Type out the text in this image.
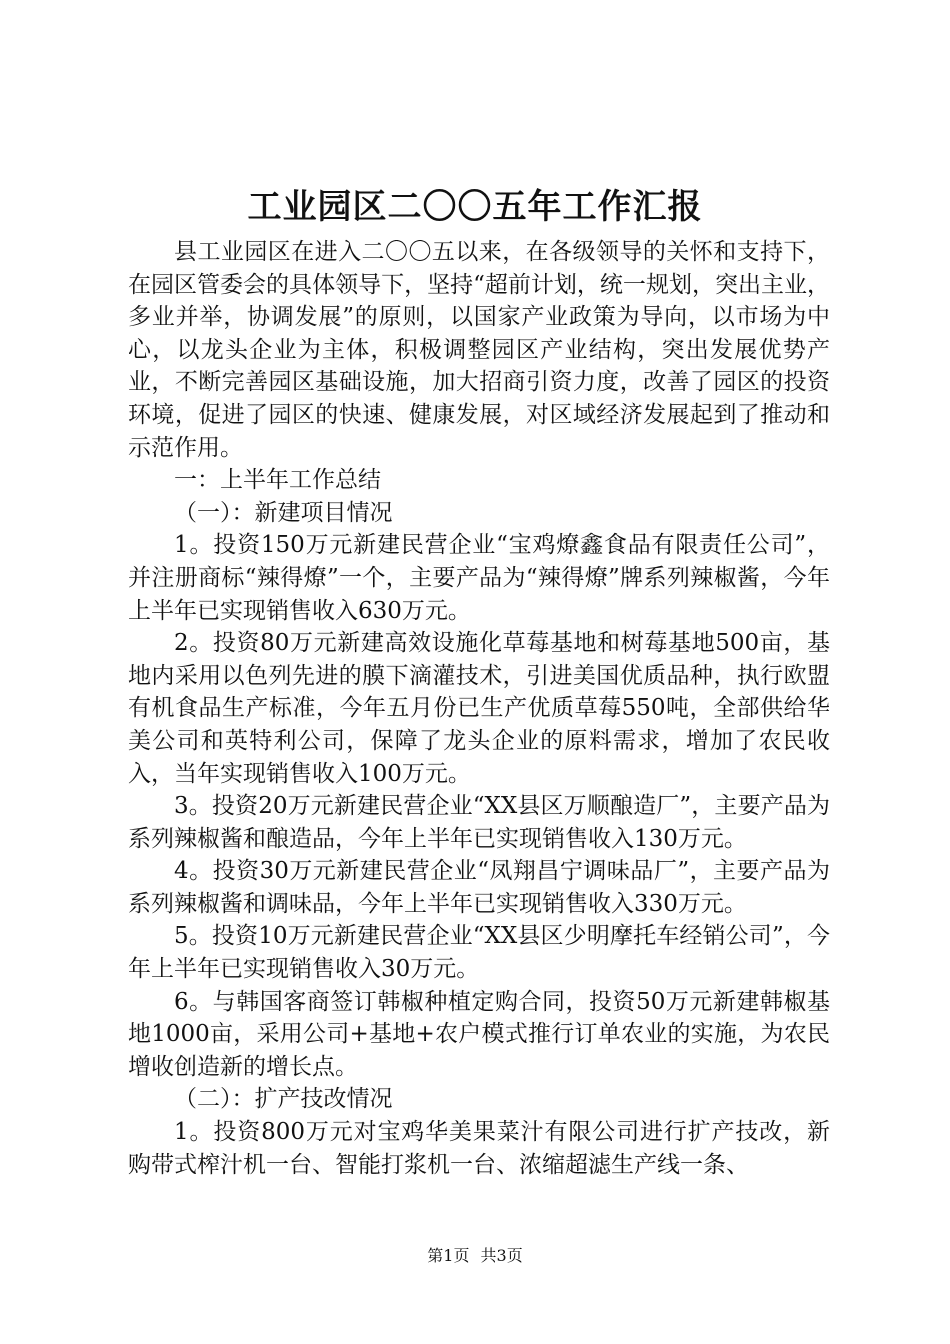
工业园区二〇〇五年工作汇报

县工业园区在进入二〇〇五以来，在各级领导的关怀和支持下，在园区管委会的具体领导下，坚持“超前计划，统一规划，突出主业，多业并举，协调发展”的原则，以国家产业政策为导向，以市场为中心，以龙头企业为主体，积极调整园区产业结构，突出发展优势产业，不断完善园区基础设施，加大招商引资力度，改善了园区的投资环境，促进了园区的快速、健康发展，对区域经济发展起到了推动和示范作用。

一：上半年工作总结

（一）：新建项目情况

1。投资150万元新建民营企业“宝鸡燎鑫食品有限责任公司”，并注册商标“辣得燎”一个，主要产品为“辣得燎”牌系列辣椒酱，今年上半年已实现销售收入630万元。

2。投资80万元新建高效设施化草莓基地和树莓基地500亩，基地内采用以色列先进的膜下滴灌技术，引进美国优质品种，执行欧盟有机食品生产标准，今年五月份已生产优质草莓550吨，全部供给华美公司和英特利公司，保障了龙头企业的原料需求，增加了农民收入，当年实现销售收入100万元。

3。投资20万元新建民营企业“XX县区万顺酿造厂”，主要产品为系列辣椒酱和酿造品，今年上半年已实现销售收入130万元。

4。投资30万元新建民营企业“凤翔昌宁调味品厂”，主要产品为系列辣椒酱和调味品，今年上半年已实现销售收入330万元。

5。投资10万元新建民营企业“XX县区少明摩托车经销公司”，今年上半年已实现销售收入30万元。

6。与韩国客商签订韩椒种植定购合同，投资50万元新建韩椒基地1000亩，采用公司+基地+农户模式推行订单农业的实施，为农民增收创造新的增长点。

（二）：扩产技改情况

1。投资800万元对宝鸡华美果菜汁有限公司进行扩产技改，新购带式榨汁机一台、智能打浆机一台、浓缩超滤生产线一条、

第1页 共3页
